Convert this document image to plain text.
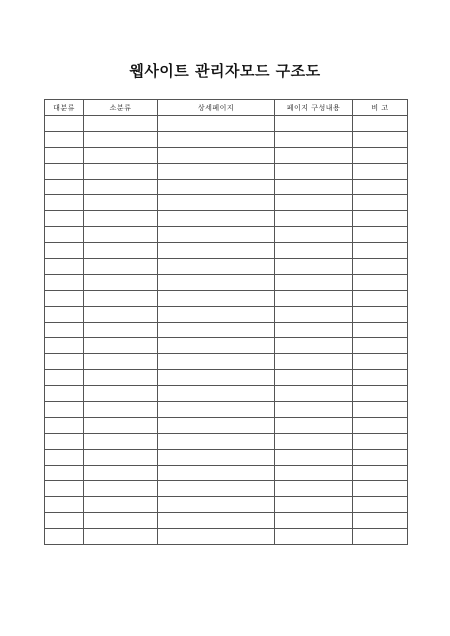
웹사이트 관리자모드 구조도
대분류	소분류	상세페이지	페이지 구성내용	비 고
